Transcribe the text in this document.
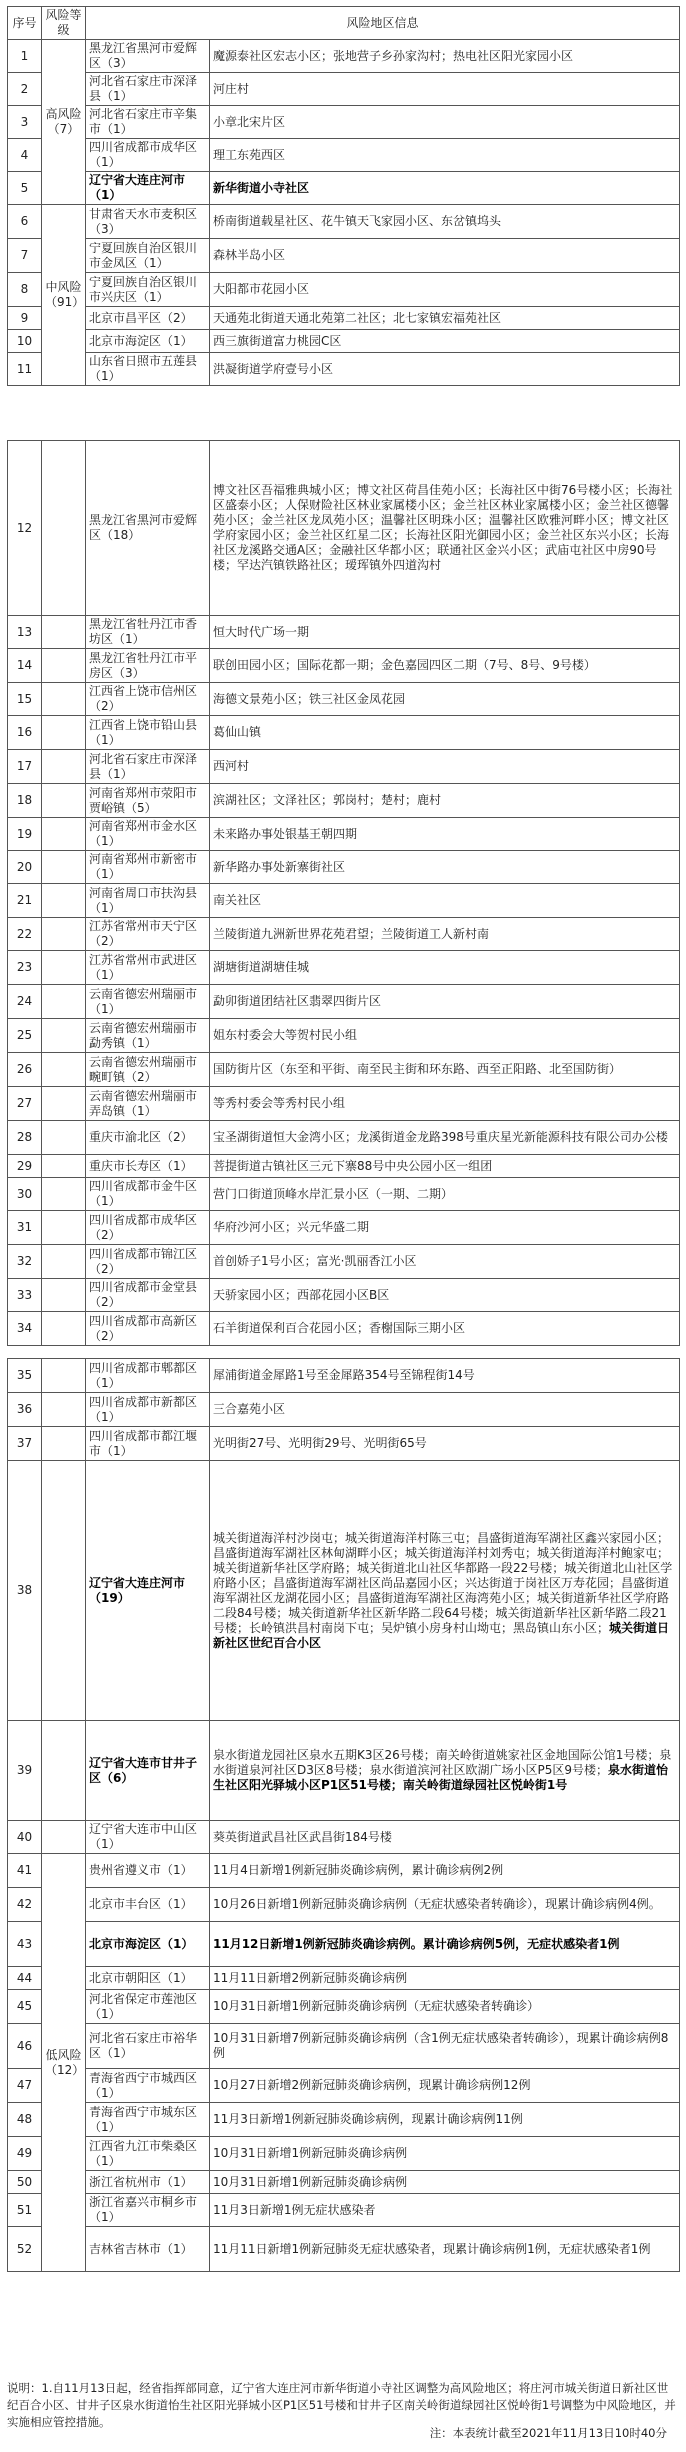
序号	风险等级	风险地区信息	
1	高风险（7）	黑龙江省黑河市爱辉区（3）	魔源泰社区宏志小区；张地营子乡孙家沟村；热电社区阳光家园小区
2		河北省石家庄市深泽县（1）	河庄村
3		河北省石家庄市辛集市（1）	小章北宋片区
4		四川省成都市成华区（1）	理工东苑西区
5		辽宁省大连庄河市（1）	新华街道小寺社区
6	中风险（91）	甘肃省天水市麦积区（3）	桥南街道载星社区、花牛镇天飞家园小区、东岔镇坞头
7		宁夏回族自治区银川市金凤区（1）	森林半岛小区
8		宁夏回族自治区银川市兴庆区（1）	大阳都市花园小区
9		北京市昌平区（2）	天通苑北街道天通北苑第二社区；北七家镇宏福苑社区
10		北京市海淀区（1）	西三旗街道富力桃园C区
11		山东省日照市五莲县（1）	洪凝街道学府壹号小区
12		黑龙江省黑河市爱辉区（18）	博文社区吾福雅典城小区；博文社区荷昌佳苑小区；长海社区中街76号楼小区；长海社区盛泰小区；人保财险社区林业家属楼小区；金兰社区林业家属楼小区；金兰社区德馨苑小区；金兰社区龙凤苑小区；温馨社区明珠小区；温馨社区欧雅河畔小区；博文社区学府家园小区；金兰社区红星二区；长海社区阳光御园小区；金兰社区东兴小区；长海社区龙溪路交通A区；金融社区华都小区；联通社区金兴小区；武庙屯社区中房90号楼；罕达汽镇铁路社区；瑷珲镇外四道沟村
13		黑龙江省牡丹江市香坊区（1）	恒大时代广场一期
14		黑龙江省牡丹江市平房区（3）	联创田园小区；国际花都一期；金色嘉园四区二期（7号、8号、9号楼）
15		江西省上饶市信州区（2）	海德文景苑小区；铁三社区金凤花园
16		江西省上饶市铅山县（1）	葛仙山镇
17		河北省石家庄市深泽县（1）	西河村
18		河南省郑州市荥阳市贾峪镇（5）	滨湖社区；文泽社区；郭岗村；楚村；鹿村
19		河南省郑州市金水区（1）	未来路办事处银基王朝四期
20		河南省郑州市新密市（1）	新华路办事处新寨街社区
21		河南省周口市扶沟县（1）	南关社区
22		江苏省常州市天宁区（2）	兰陵街道九洲新世界花苑君望；兰陵街道工人新村南
23		江苏省常州市武进区（1）	湖塘街道湖塘佳城
24		云南省德宏州瑞丽市（1）	勐卯街道团结社区翡翠四街片区
25		云南省德宏州瑞丽市勐秀镇（1）	姐东村委会大等贺村民小组
26		云南省德宏州瑞丽市畹町镇（2）	国防街片区（东至和平街、南至民主街和环东路、西至正阳路、北至国防街）
27		云南省德宏州瑞丽市弄岛镇（1）	等秀村委会等秀村民小组
28		重庆市渝北区（2）	宝圣湖街道恒大金湾小区；龙溪街道金龙路398号重庆星光新能源科技有限公司办公楼
29		重庆市长寿区（1）	菩提街道古镇社区三元下寨88号中央公园小区一组团
30		四川省成都市金牛区（1）	营门口街道顶峰水岸汇景小区（一期、二期）
31		四川省成都市成华区（2）	华府沙河小区；兴元华盛二期
32		四川省成都市锦江区（2）	首创娇子1号小区；富光·凯丽香江小区
33		四川省成都市金堂县（2）	天骄家园小区；西部花园小区B区
34		四川省成都市高新区（2）	石羊街道保利百合花园小区；香榭国际三期小区
35		四川省成都市郫都区（1）	犀浦街道金犀路1号至金犀路354号至锦程街14号
36		四川省成都市新都区（1）	三合嘉苑小区
37		四川省成都市都江堰市（1）	光明街27号、光明街29号、光明街65号
38		辽宁省大连庄河市（19）	城关街道海洋村沙岗屯；城关街道海洋村陈三屯；昌盛街道海军湖社区鑫兴家园小区；昌盛街道海军湖社区林甸湖畔小区；城关街道海洋村刘秀屯；城关街道海洋村鲍家屯；城关街道新华社区学府路；城关街道北山社区华都路一段22号楼；城关街道北山社区学府路小区；昌盛街道海军湖社区尚品嘉园小区；兴达街道于岗社区万寿花园；昌盛街道海军湖社区龙湖花园小区；昌盛街道海军湖社区海湾苑小区；城关街道新华社区学府路二段84号楼；城关街道新华社区新华路二段64号楼；城关街道新华社区新华路二段21号楼；长岭镇洪昌村南岗下屯；吴炉镇小房身村山坳屯；黑岛镇山东小区；城关街道日新社区世纪百合小区
39		辽宁省大连市甘井子区（6）	泉水街道龙园社区泉水五期K3区26号楼；南关岭街道姚家社区金地国际公馆1号楼；泉水街道泉河社区D3区8号楼；泉水街道滨河社区欧湖广场小区P5区9号楼；泉水街道怡生社区阳光驿城小区P1区51号楼；南关岭街道绿园社区悦岭街1号
40		辽宁省大连市中山区（1）	葵英街道武昌社区武昌街184号楼
41	低风险（12）	贵州省遵义市（1）	11月4日新增1例新冠肺炎确诊病例，累计确诊病例2例
42		北京市丰台区（1）	10月26日新增1例新冠肺炎确诊病例（无症状感染者转确诊），现累计确诊病例4例。
43		北京市海淀区（1）	11月12日新增1例新冠肺炎确诊病例。累计确诊病例5例，无症状感染者1例
44		北京市朝阳区（1）	11月11日新增2例新冠肺炎确诊病例
45		河北省保定市莲池区（1）	10月31日新增1例新冠肺炎确诊病例（无症状感染者转确诊）
46		河北省石家庄市裕华区（1）	10月31日新增7例新冠肺炎确诊病例（含1例无症状感染者转确诊），现累计确诊病例8例
47		青海省西宁市城西区（1）	10月27日新增2例新冠肺炎确诊病例，现累计确诊病例12例
48		青海省西宁市城东区（1）	11月3日新增1例新冠肺炎确诊病例，现累计确诊病例11例
49		江西省九江市柴桑区（1）	10月31日新增1例新冠肺炎确诊病例
50		浙江省杭州市（1）	10月31日新增1例新冠肺炎确诊病例
51		浙江省嘉兴市桐乡市（1）	11月3日新增1例无症状感染者
52		吉林省吉林市（1）	11月11日新增1例新冠肺炎无症状感染者，现累计确诊病例1例，无症状感染者1例
说明：1.自11月13日起，经省指挥部同意，辽宁省大连庄河市新华街道小寺社区调整为高风险地区；将庄河市城关街道日新社区世纪百合小区、甘井子区泉水街道怡生社区阳光驿城小区P1区51号楼和甘井子区南关岭街道绿园社区悦岭街1号调整为中风险地区，并实施相应管控措施。
注：本表统计截至2021年11月13日10时40分
